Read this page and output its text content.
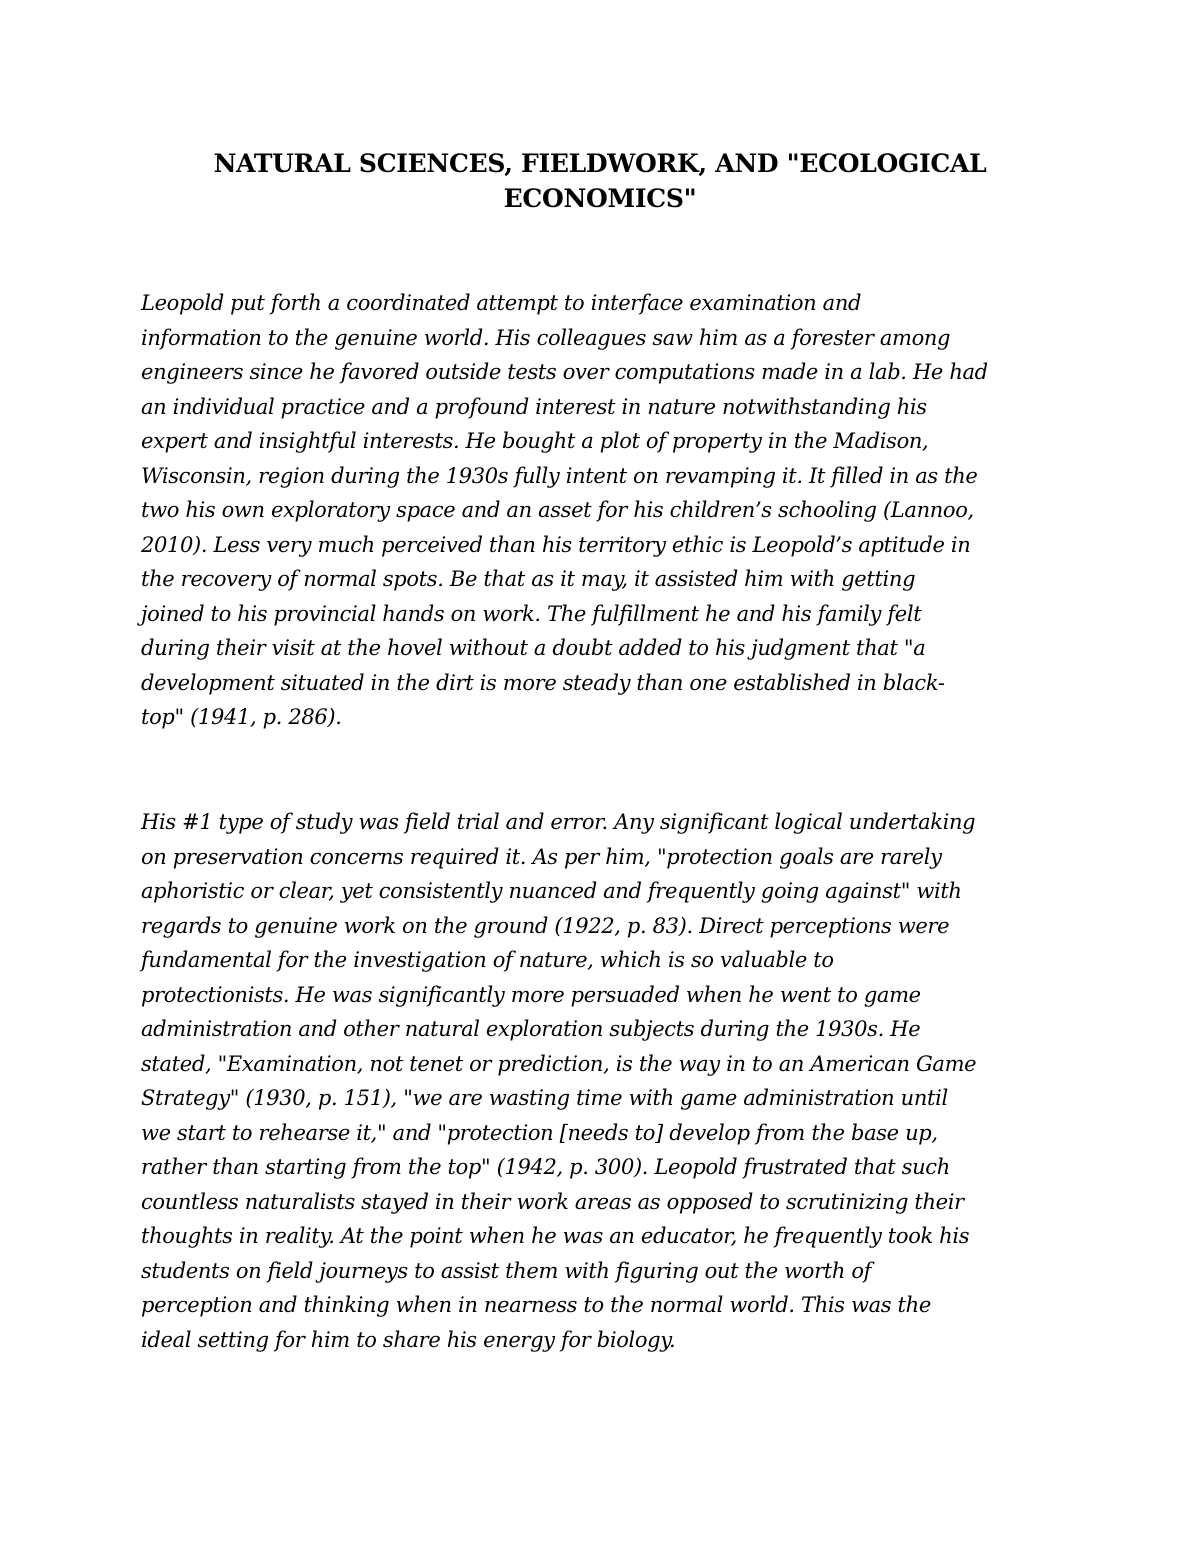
NATURAL SCIENCES, FIELDWORK, AND "ECOLOGICAL
ECONOMICS"

Leopold put forth a coordinated attempt to interface examination and
information to the genuine world. His colleagues saw him as a forester among
engineers since he favored outside tests over computations made in a lab. He had
an individual practice and a profound interest in nature notwithstanding his
expert and insightful interests. He bought a plot of property in the Madison,
Wisconsin, region during the 1930s fully intent on revamping it. It filled in as the
two his own exploratory space and an asset for his children’s schooling (Lannoo,
2010). Less very much perceived than his territory ethic is Leopold’s aptitude in
the recovery of normal spots. Be that as it may, it assisted him with getting
joined to his provincial hands on work. The fulfillment he and his family felt
during their visit at the hovel without a doubt added to his judgment that "a
development situated in the dirt is more steady than one established in black-
top" (1941, p. 286).

His #1 type of study was field trial and error. Any significant logical undertaking
on preservation concerns required it. As per him, "protection goals are rarely
aphoristic or clear, yet consistently nuanced and frequently going against" with
regards to genuine work on the ground (1922, p. 83). Direct perceptions were
fundamental for the investigation of nature, which is so valuable to
protectionists. He was significantly more persuaded when he went to game
administration and other natural exploration subjects during the 1930s. He
stated, "Examination, not tenet or prediction, is the way in to an American Game
Strategy" (1930, p. 151), "we are wasting time with game administration until
we start to rehearse it," and "protection [needs to] develop from the base up,
rather than starting from the top" (1942, p. 300). Leopold frustrated that such
countless naturalists stayed in their work areas as opposed to scrutinizing their
thoughts in reality. At the point when he was an educator, he frequently took his
students on field journeys to assist them with figuring out the worth of
perception and thinking when in nearness to the normal world. This was the
ideal setting for him to share his energy for biology.
